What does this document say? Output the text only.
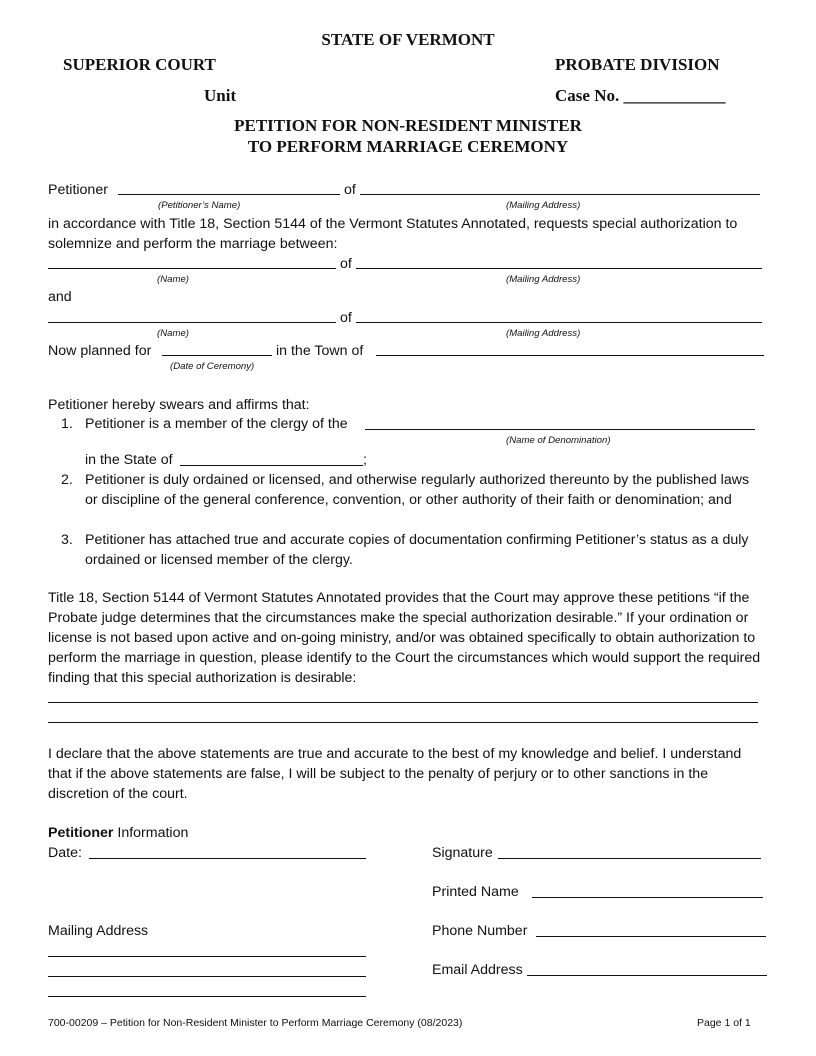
STATE OF VERMONT
SUPERIOR COURT	PROBATE DIVISION
Unit	Case No. ____________
PETITION FOR NON-RESIDENT MINISTER
TO PERFORM MARRIAGE CEREMONY
Petitioner	of
(Petitioner’s Name)	(Mailing Address)
in accordance with Title 18, Section 5144 of the Vermont Statutes Annotated, requests special authorization to solemnize and perform the marriage between:
of
(Name)	(Mailing Address)
and
of
(Name)	(Mailing Address)
Now planned for	in the Town of
(Date of Ceremony)
Petitioner hereby swears and affirms that:
1. Petitioner is a member of the clergy of the
(Name of Denomination)
in the State of	;
2. Petitioner is duly ordained or licensed, and otherwise regularly authorized thereunto by the published laws or discipline of the general conference, convention, or other authority of their faith or denomination; and
3. Petitioner has attached true and accurate copies of documentation confirming Petitioner’s status as a duly ordained or licensed member of the clergy.
Title 18, Section 5144 of Vermont Statutes Annotated provides that the Court may approve these petitions “if the Probate judge determines that the circumstances make the special authorization desirable.” If your ordination or license is not based upon active and on-going ministry, and/or was obtained specifically to obtain authorization to perform the marriage in question, please identify to the Court the circumstances which would support the required finding that this special authorization is desirable:
I declare that the above statements are true and accurate to the best of my knowledge and belief. I understand that if the above statements are false, I will be subject to the penalty of perjury or to other sanctions in the discretion of the court.
Petitioner Information
Date:	Signature
Printed Name
Mailing Address	Phone Number
Email Address
700-00209 – Petition for Non-Resident Minister to Perform Marriage Ceremony (08/2023)	Page 1 of 1
